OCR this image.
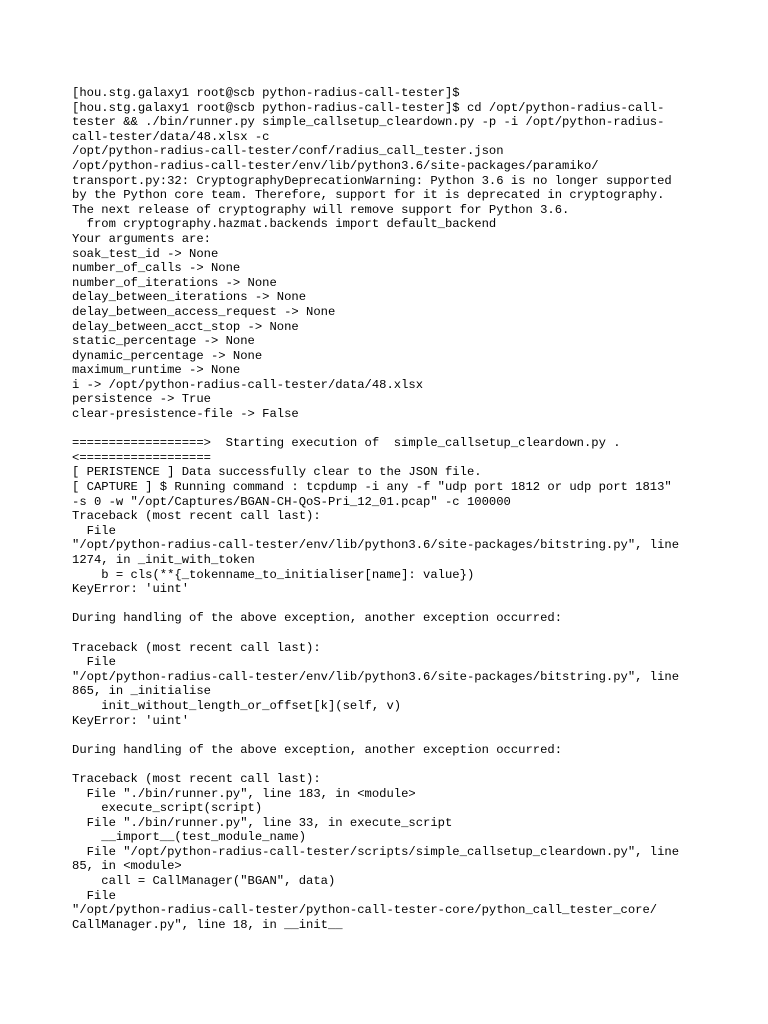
[hou.stg.galaxy1 root@scb python-radius-call-tester]$
[hou.stg.galaxy1 root@scb python-radius-call-tester]$ cd /opt/python-radius-call-
tester && ./bin/runner.py simple_callsetup_cleardown.py -p -i /opt/python-radius-
call-tester/data/48.xlsx -c
/opt/python-radius-call-tester/conf/radius_call_tester.json
/opt/python-radius-call-tester/env/lib/python3.6/site-packages/paramiko/
transport.py:32: CryptographyDeprecationWarning: Python 3.6 is no longer supported
by the Python core team. Therefore, support for it is deprecated in cryptography.
The next release of cryptography will remove support for Python 3.6.
from cryptography.hazmat.backends import default_backend
Your arguments are:
soak_test_id -> None
number_of_calls -> None
number_of_iterations -> None
delay_between_iterations -> None
delay_between_access_request -> None
delay_between_acct_stop -> None
static_percentage -> None
dynamic_percentage -> None
maximum_runtime -> None
i -> /opt/python-radius-call-tester/data/48.xlsx
persistence -> True
clear-presistence-file -> False
==================>  Starting execution of  simple_callsetup_cleardown.py .
<==================
[ PERISTENCE ] Data successfully clear to the JSON file.
[ CAPTURE ] $ Running command : tcpdump -i any -f "udp port 1812 or udp port 1813"
-s 0 -w "/opt/Captures/BGAN-CH-QoS-Pri_12_01.pcap" -c 100000
Traceback (most recent call last):
File
"/opt/python-radius-call-tester/env/lib/python3.6/site-packages/bitstring.py", line
1274, in _init_with_token
b = cls(**{_tokenname_to_initialiser[name]: value})
KeyError: 'uint'
During handling of the above exception, another exception occurred:
Traceback (most recent call last):
File
"/opt/python-radius-call-tester/env/lib/python3.6/site-packages/bitstring.py", line
865, in _initialise
init_without_length_or_offset[k](self, v)
KeyError: 'uint'
During handling of the above exception, another exception occurred:
Traceback (most recent call last):
File "./bin/runner.py", line 183, in <module>
execute_script(script)
File "./bin/runner.py", line 33, in execute_script
__import__(test_module_name)
File "/opt/python-radius-call-tester/scripts/simple_callsetup_cleardown.py", line
85, in <module>
call = CallManager("BGAN", data)
File
"/opt/python-radius-call-tester/python-call-tester-core/python_call_tester_core/
CallManager.py", line 18, in __init__
